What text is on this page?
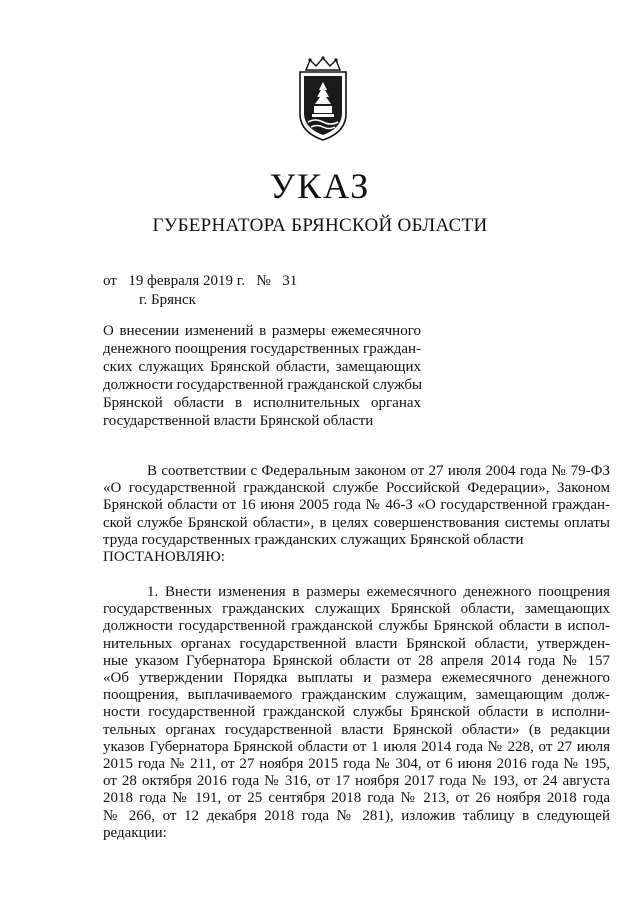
УКАЗ
ГУБЕРНАТОРА БРЯНСКОЙ ОБЛАСТИ
от 19 февраля 2019 г. № 31
г. Брянск
О внесении изменений в размеры ежемесячного
денежного поощрения государственных граждан-
ских служащих Брянской области, замещающих
должности государственной гражданской службы
Брянской области в исполнительных органах
государственной власти Брянской области
В соответствии с Федеральным законом от 27 июля 2004 года № 79-ФЗ
«О государственной гражданской службе Российской Федерации», Законом
Брянской области от 16 июня 2005 года № 46-З «О государственной граждан-
ской службе Брянской области», в целях совершенствования системы оплаты
труда государственных гражданских служащих Брянской области
ПОСТАНОВЛЯЮ:
1. Внести изменения в размеры ежемесячного денежного поощрения
государственных гражданских служащих Брянской области, замещающих
должности государственной гражданской службы Брянской области в испол-
нительных органах государственной власти Брянской области, утвержден-
ные указом Губернатора Брянской области от 28 апреля 2014 года № 157
«Об утверждении Порядка выплаты и размера ежемесячного денежного
поощрения, выплачиваемого гражданским служащим, замещающим долж-
ности государственной гражданской службы Брянской области в исполни-
тельных органах государственной власти Брянской области» (в редакции
указов Губернатора Брянской области от 1 июля 2014 года № 228, от 27 июля
2015 года № 211, от 27 ноября 2015 года № 304, от 6 июня 2016 года № 195,
от 28 октября 2016 года № 316, от 17 ноября 2017 года № 193, от 24 августа
2018 года № 191, от 25 сентября 2018 года № 213, от 26 ноября 2018 года
№ 266, от 12 декабря 2018 года № 281), изложив таблицу в следующей
редакции:
